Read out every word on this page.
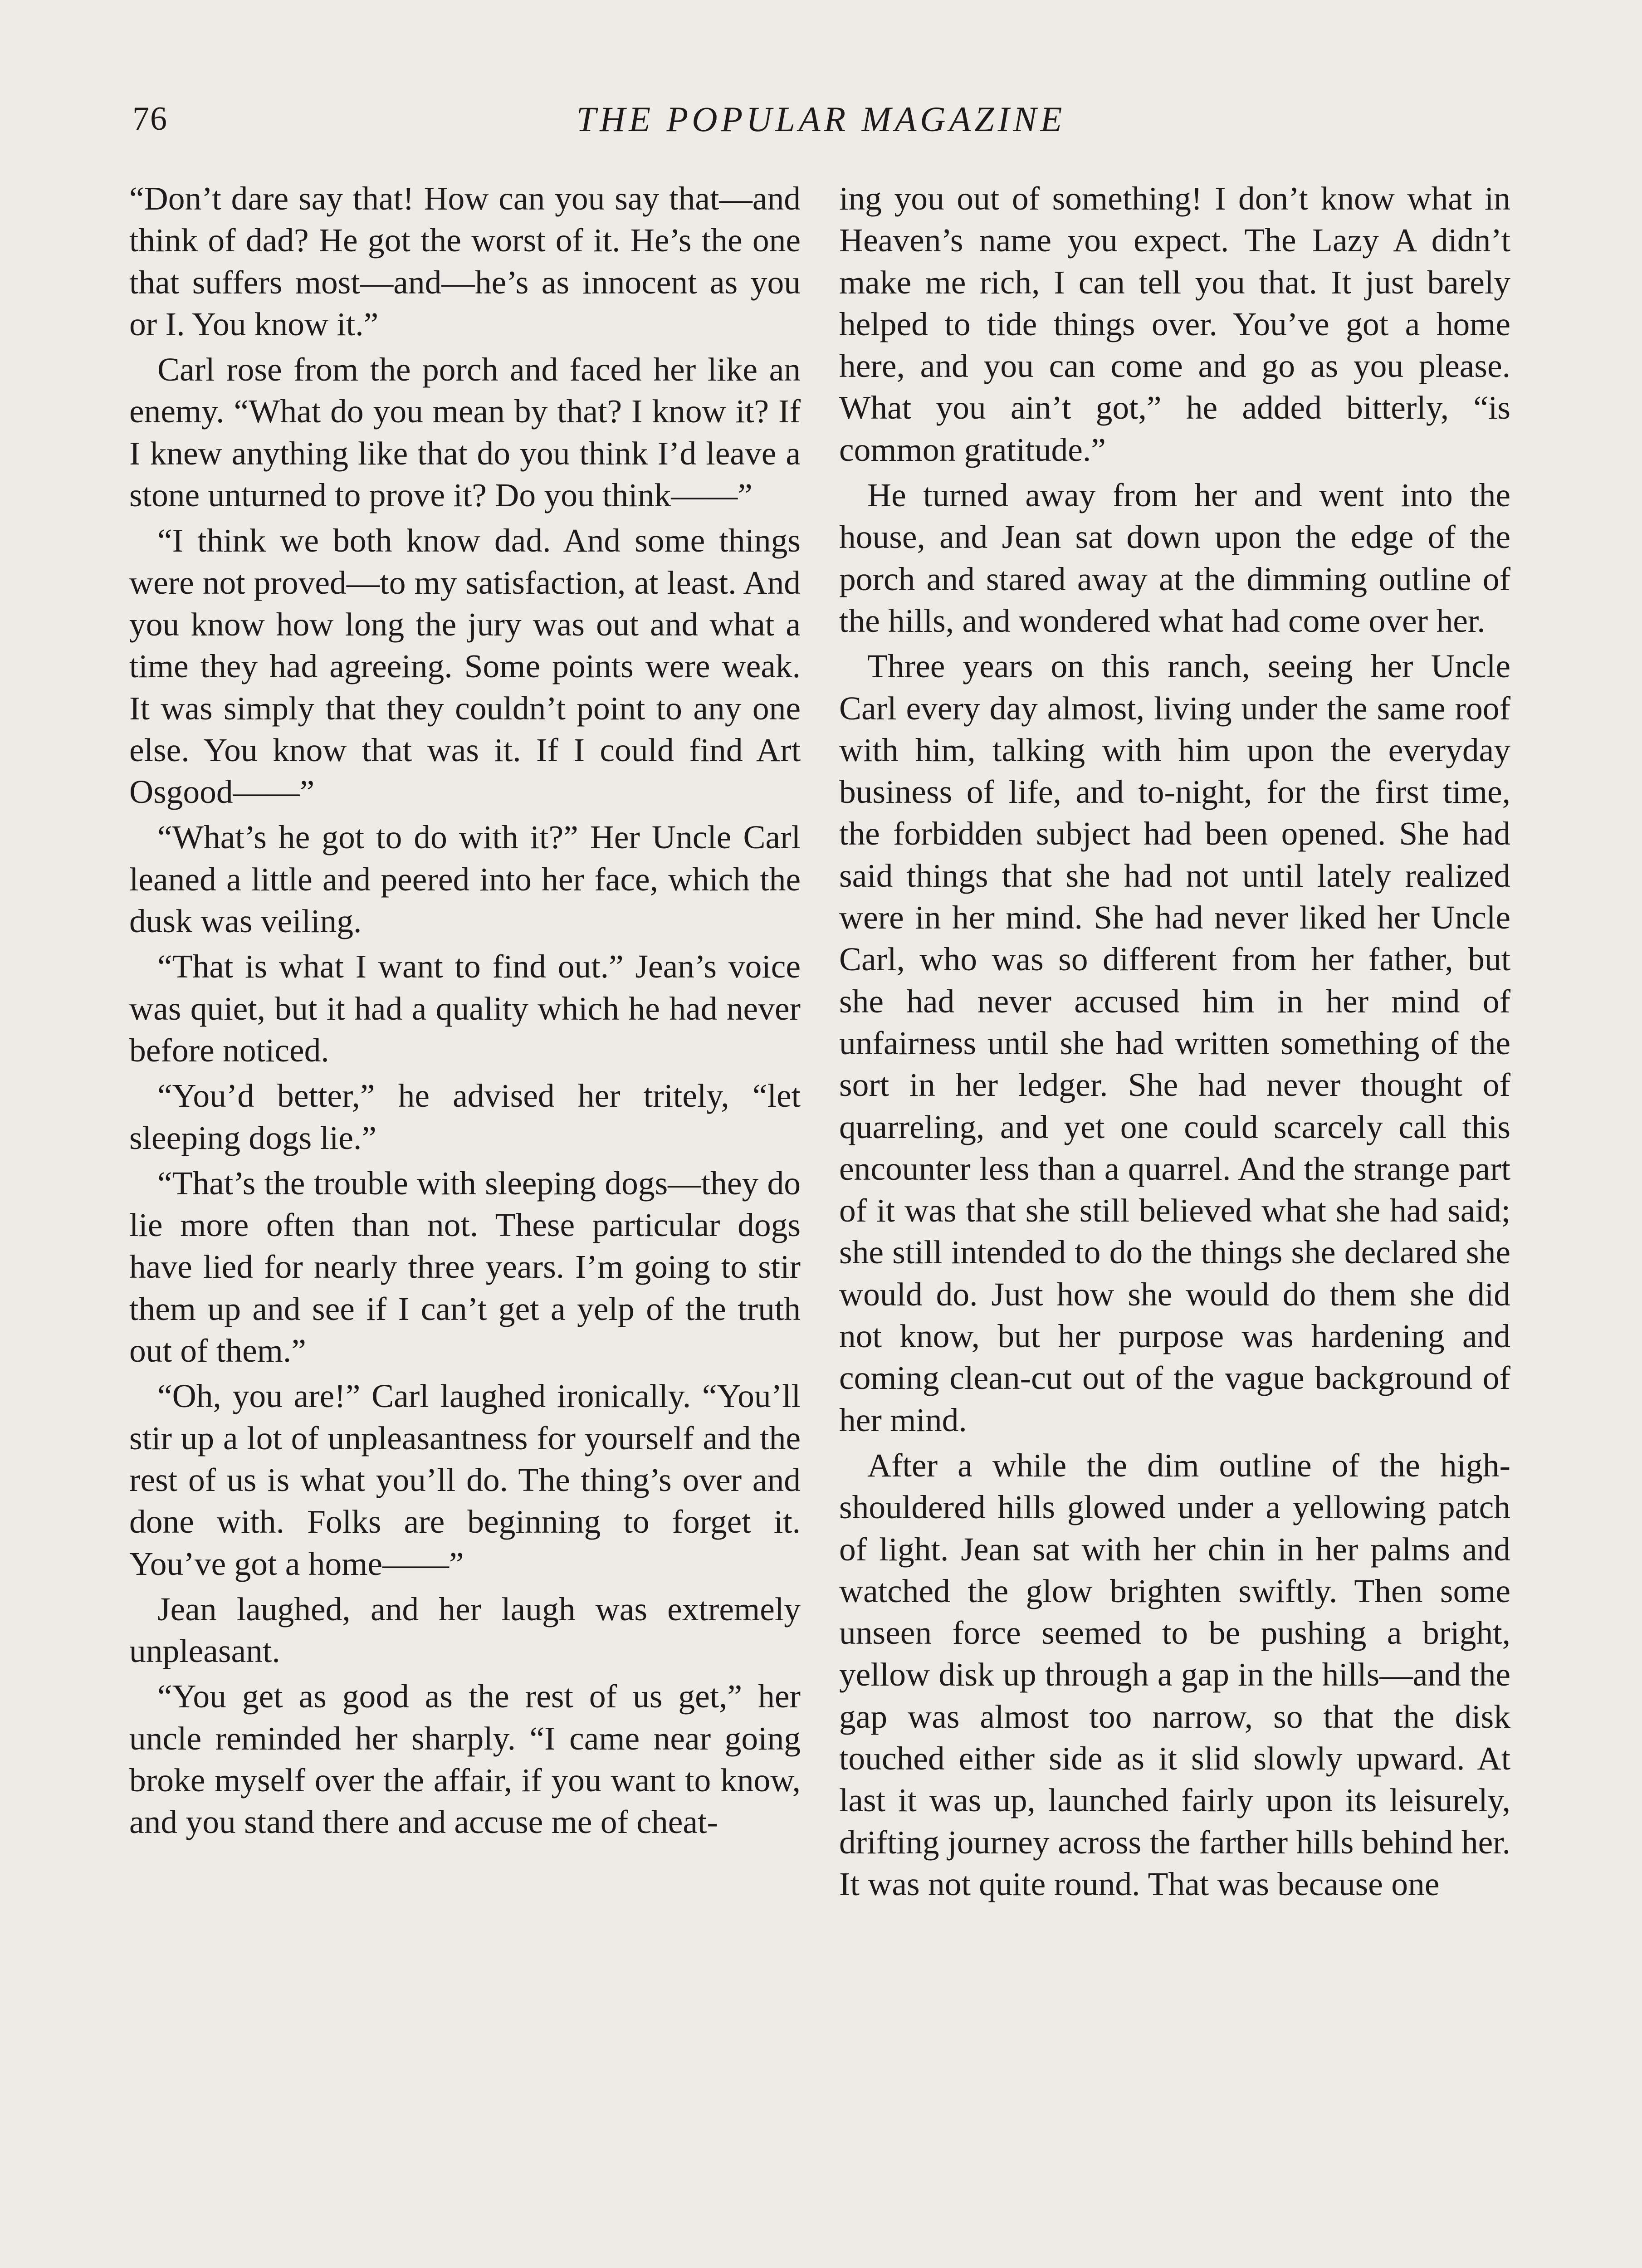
76	THE POPULAR MAGAZINE

“Don’t dare say that! How can you say that—and think of dad? He got the worst of it. He’s the one that suffers most—and—he’s as innocent as you or I. You know it.”

Carl rose from the porch and faced her like an enemy. “What do you mean by that? I know it? If I knew anything like that do you think I’d leave a stone unturned to prove it? Do you think——”

“I think we both know dad. And some things were not proved—to my satisfaction, at least. And you know how long the jury was out and what a time they had agreeing. Some points were weak. It was simply that they couldn’t point to any one else. You know that was it. If I could find Art Osgood——”

“What’s he got to do with it?” Her Uncle Carl leaned a little and peered into her face, which the dusk was veiling.

“That is what I want to find out.” Jean’s voice was quiet, but it had a quality which he had never before noticed.

“You’d better,” he advised her tritely, “let sleeping dogs lie.”

“That’s the trouble with sleeping dogs—they do lie more often than not. These particular dogs have lied for nearly three years. I’m going to stir them up and see if I can’t get a yelp of the truth out of them.”

“Oh, you are!” Carl laughed ironically. “You’ll stir up a lot of unpleasantness for yourself and the rest of us is what you’ll do. The thing’s over and done with. Folks are beginning to forget it. You’ve got a home——”

Jean laughed, and her laugh was extremely unpleasant.

“You get as good as the rest of us get,” her uncle reminded her sharply. “I came near going broke myself over the affair, if you want to know, and you stand there and accuse me of cheat-

ing you out of something! I don’t know what in Heaven’s name you expect. The Lazy A didn’t make me rich, I can tell you that. It just barely helped to tide things over. You’ve got a home here, and you can come and go as you please. What you ain’t got,” he added bitterly, “is common gratitude.”

He turned away from her and went into the house, and Jean sat down upon the edge of the porch and stared away at the dimming outline of the hills, and wondered what had come over her.

Three years on this ranch, seeing her Uncle Carl every day almost, living under the same roof with him, talking with him upon the everyday business of life, and to-night, for the first time, the forbidden subject had been opened. She had said things that she had not until lately realized were in her mind. She had never liked her Uncle Carl, who was so different from her father, but she had never accused him in her mind of unfairness until she had written something of the sort in her ledger. She had never thought of quarreling, and yet one could scarcely call this encounter less than a quarrel. And the strange part of it was that she still believed what she had said; she still intended to do the things she declared she would do. Just how she would do them she did not know, but her purpose was hardening and coming clean-cut out of the vague background of her mind.

After a while the dim outline of the high-shouldered hills glowed under a yellowing patch of light. Jean sat with her chin in her palms and watched the glow brighten swiftly. Then some unseen force seemed to be pushing a bright, yellow disk up through a gap in the hills—and the gap was almost too narrow, so that the disk touched either side as it slid slowly upward. At last it was up, launched fairly upon its leisurely, drifting journey across the farther hills behind her. It was not quite round. That was because one
